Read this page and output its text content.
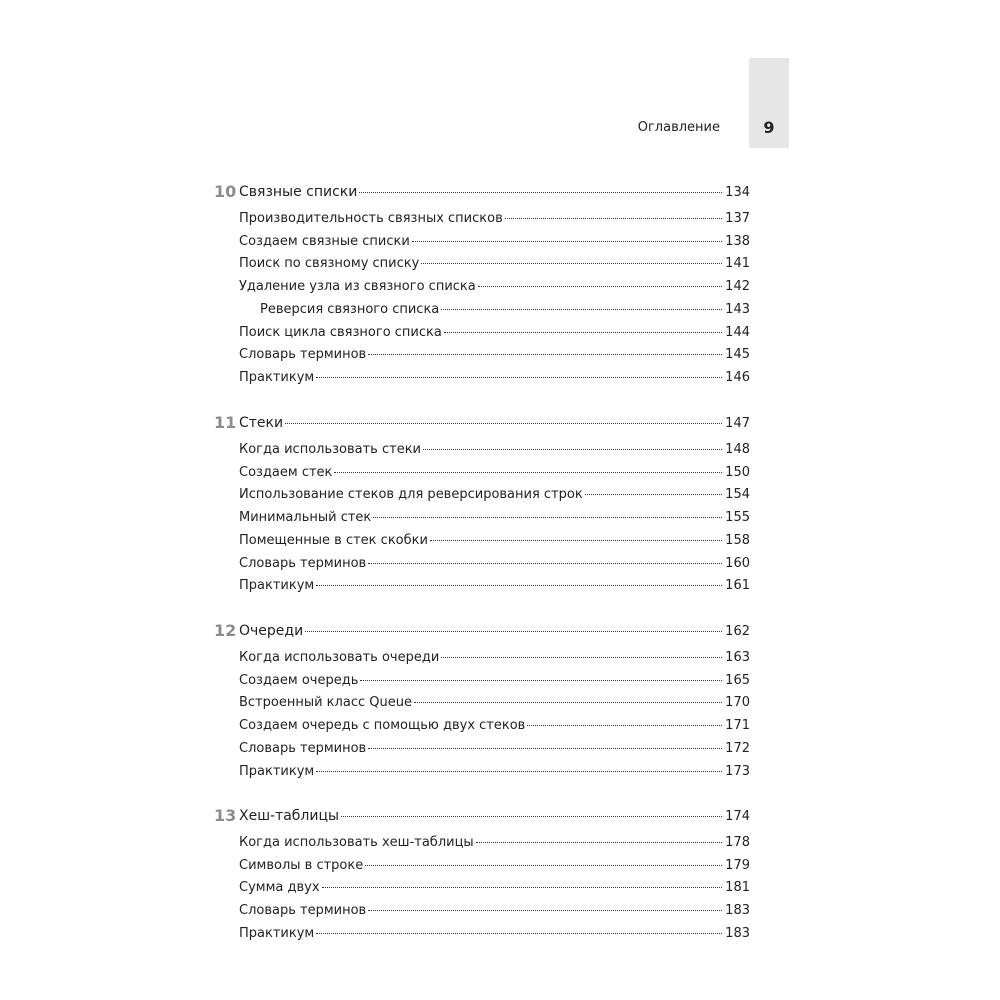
Оглавление	9
10 Связные списки	134
Производительность связных списков	137
Создаем связные списки	138
Поиск по связному списку	141
Удаление узла из связного списка	142
Реверсия связного списка	143
Поиск цикла связного списка	144
Словарь терминов	145
Практикум	146
11 Стеки	147
Когда использовать стеки	148
Создаем стек	150
Использование стеков для реверсирования строк	154
Минимальный стек	155
Помещенные в стек скобки	158
Словарь терминов	160
Практикум	161
12 Очереди	162
Когда использовать очереди	163
Создаем очередь	165
Встроенный класс Queue	170
Создаем очередь с помощью двух стеков	171
Словарь терминов	172
Практикум	173
13 Хеш-таблицы	174
Когда использовать хеш-таблицы	178
Символы в строке	179
Сумма двух	181
Словарь терминов	183
Практикум	183
